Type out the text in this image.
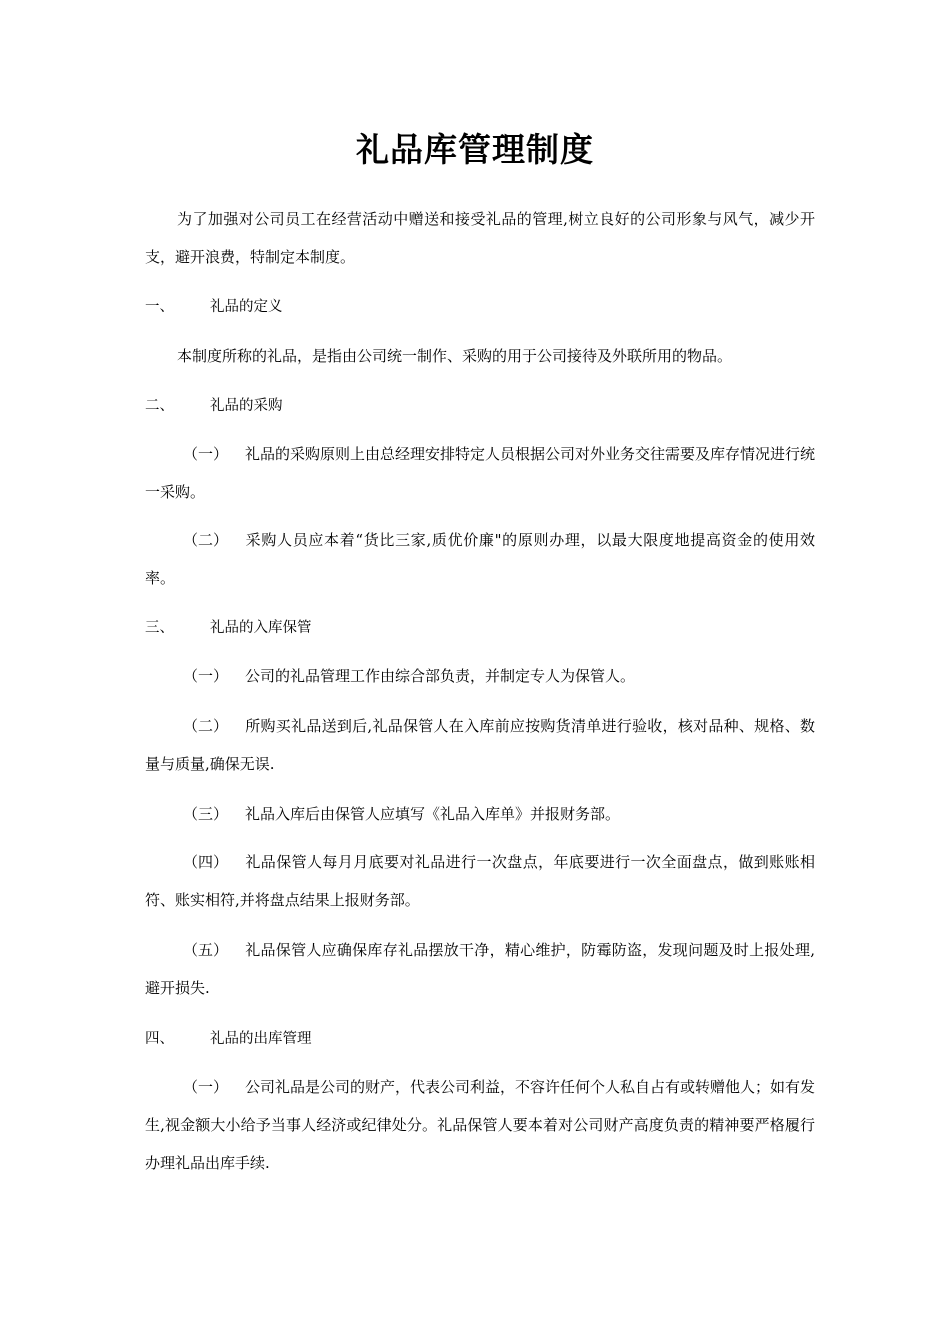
礼品库管理制度

为了加强对公司员工在经营活动中赠送和接受礼品的管理,树立良好的公司形象与风气，减少开支，避开浪费，特制定本制度。

一、 礼品的定义

本制度所称的礼品，是指由公司统一制作、采购的用于公司接待及外联所用的物品。

二、 礼品的采购

（一） 礼品的采购原则上由总经理安排特定人员根据公司对外业务交往需要及库存情况进行统一采购。

（二） 采购人员应本着“货比三家,质优价廉"的原则办理，以最大限度地提高资金的使用效率。

三、 礼品的入库保管

（一） 公司的礼品管理工作由综合部负责，并制定专人为保管人。

（二） 所购买礼品送到后,礼品保管人在入库前应按购货清单进行验收，核对品种、规格、数量与质量,确保无误.

（三） 礼品入库后由保管人应填写《礼品入库单》并报财务部。

（四） 礼品保管人每月月底要对礼品进行一次盘点，年底要进行一次全面盘点，做到账账相符、账实相符,并将盘点结果上报财务部。

（五） 礼品保管人应确保库存礼品摆放干净，精心维护，防霉防盗，发现问题及时上报处理,避开损失.

四、 礼品的出库管理

（一） 公司礼品是公司的财产，代表公司利益，不容许任何个人私自占有或转赠他人；如有发生,视金额大小给予当事人经济或纪律处分。礼品保管人要本着对公司财产高度负责的精神要严格履行办理礼品出库手续.
